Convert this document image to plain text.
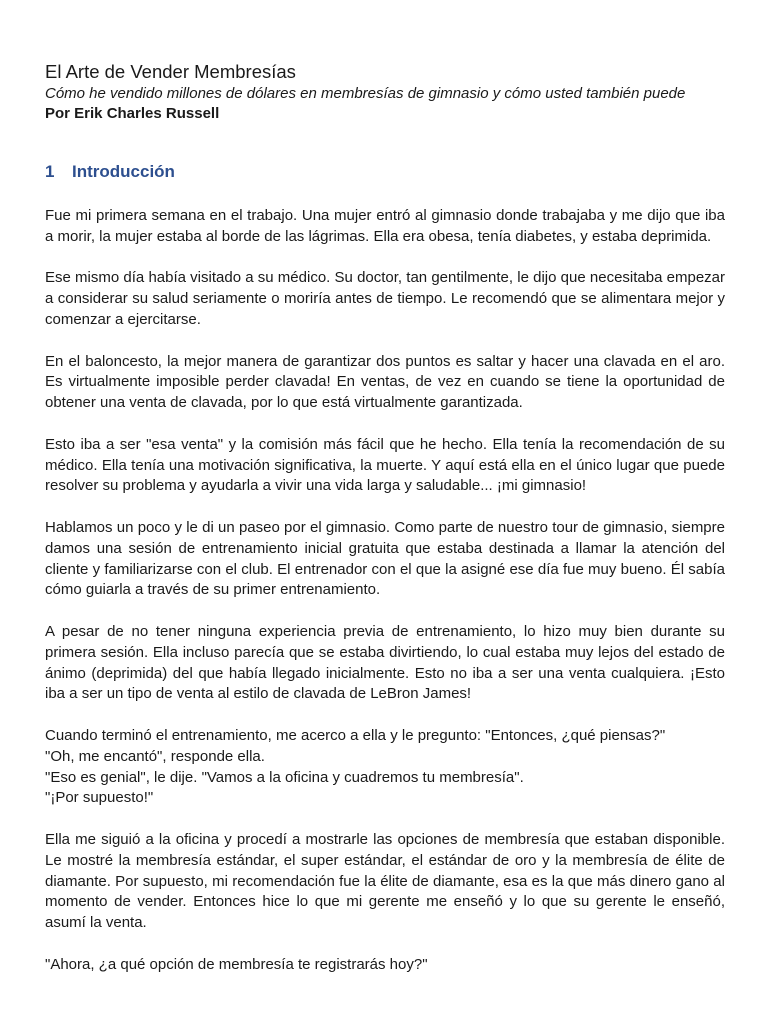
El Arte de Vender Membresías

Cómo he vendido millones de dólares en membresías de gimnasio y cómo usted también puede

Por Erik Charles Russell

1 Introducción

Fue mi primera semana en el trabajo. Una mujer entró al gimnasio donde trabajaba y me dijo que iba a morir, la mujer estaba al borde de las lágrimas. Ella era obesa, tenía diabetes, y estaba deprimida.

Ese mismo día había visitado a su médico. Su doctor, tan gentilmente, le dijo que necesitaba empezar a considerar su salud seriamente o moriría antes de tiempo. Le recomendó que se alimentara mejor y comenzar a ejercitarse.

En el baloncesto, la mejor manera de garantizar dos puntos es saltar y hacer una clavada en el aro. Es virtualmente imposible perder clavada! En ventas, de vez en cuando se tiene la oportunidad de obtener una venta de clavada, por lo que está virtualmente garantizada.

Esto iba a ser "esa venta" y la comisión más fácil que he hecho. Ella tenía la recomendación de su médico. Ella tenía una motivación significativa, la muerte. Y aquí está ella en el único lugar que puede resolver su problema y ayudarla a vivir una vida larga y saludable... ¡mi gimnasio!

Hablamos un poco y le di un paseo por el gimnasio. Como parte de nuestro tour de gimnasio, siempre damos una sesión de entrenamiento inicial gratuita que estaba destinada a llamar la atención del cliente y familiarizarse con el club. El entrenador con el que la asigné ese día fue muy bueno. Él sabía cómo guiarla a través de su primer entrenamiento.

A pesar de no tener ninguna experiencia previa de entrenamiento, lo hizo muy bien durante su primera sesión. Ella incluso parecía que se estaba divirtiendo, lo cual estaba muy lejos del estado de ánimo (deprimida) del que había llegado inicialmente. Esto no iba a ser una venta cualquiera. ¡Esto iba a ser un tipo de venta al estilo de clavada de LeBron James!

Cuando terminó el entrenamiento, me acerco a ella y le pregunto: "Entonces, ¿qué piensas?"
"Oh, me encantó", responde ella.
"Eso es genial", le dije. "Vamos a la oficina y cuadremos tu membresía".
"¡Por supuesto!"

Ella me siguió a la oficina y procedí a mostrarle las opciones de membresía que estaban disponible. Le mostré la membresía estándar, el super estándar, el estándar de oro y la membresía de élite de diamante. Por supuesto, mi recomendación fue la élite de diamante, esa es la que más dinero gano al momento de vender. Entonces hice lo que mi gerente me enseñó y lo que su gerente le enseñó, asumí la venta.

"Ahora, ¿a qué opción de membresía te registrarás hoy?"
